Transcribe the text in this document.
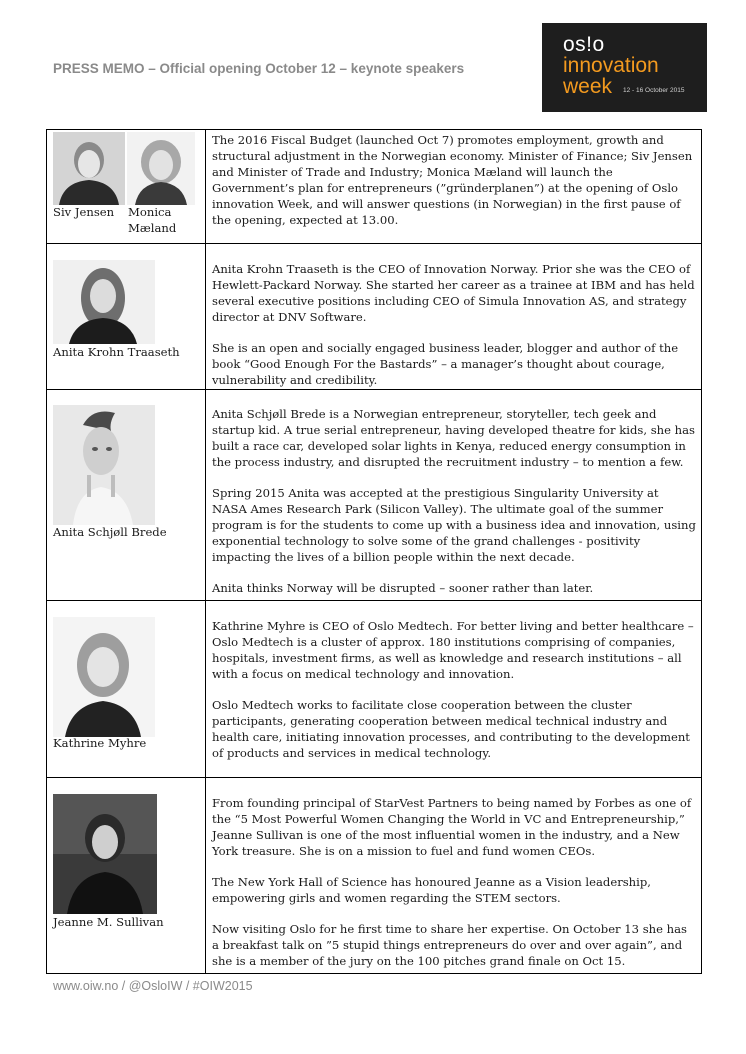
PRESS MEMO – Official opening October 12 – keynote speakers
os!o
innovation
week 12 - 16 October 2015
Siv Jensen Monica Mæland	The 2016 Fiscal Budget (launched Oct 7) promotes employment, growth and structural adjustment in the Norwegian economy. Minister of Finance; Siv Jensen and Minister of Trade and Industry; Monica Mæland will launch the Government’s plan for entrepreneurs (”gründerplanen”) at the opening of Oslo innovation Week, and will answer questions (in Norwegian) in the first pause of the opening, expected at 13.00.

Anita Krohn Traaseth	Anita Krohn Traaseth is the CEO of Innovation Norway. Prior she was the CEO of Hewlett-Packard Norway. She started her career as a trainee at IBM and has held several executive positions including CEO of Simula Innovation AS, and strategy director at DNV Software.

She is an open and socially engaged business leader, blogger and author of the book “Good Enough For the Bastards” – a manager’s thought about courage, vulnerability and credibility.

Anita Schjøll Brede	Anita Schjøll Brede is a Norwegian entrepreneur, storyteller, tech geek and startup kid. A true serial entrepreneur, having developed theatre for kids, she has built a race car, developed solar lights in Kenya, reduced energy consumption in the process industry, and disrupted the recruitment industry – to mention a few.

Spring 2015 Anita was accepted at the prestigious Singularity University at NASA Ames Research Park (Silicon Valley). The ultimate goal of the summer program is for the students to come up with a business idea and innovation, using exponential technology to solve some of the grand challenges - positivity impacting the lives of a billion people within the next decade.

Anita thinks Norway will be disrupted – sooner rather than later.

Kathrine Myhre	Kathrine Myhre is CEO of Oslo Medtech. For better living and better healthcare – Oslo Medtech is a cluster of approx. 180 institutions comprising of companies, hospitals, investment firms, as well as knowledge and research institutions – all with a focus on medical technology and innovation.

Oslo Medtech works to facilitate close cooperation between the cluster participants, generating cooperation between medical technical industry and health care, initiating innovation processes, and contributing to the development of products and services in medical technology.

Jeanne M. Sullivan	From founding principal of StarVest Partners to being named by Forbes as one of the “5 Most Powerful Women Changing the World in VC and Entrepreneurship,” Jeanne Sullivan is one of the most influential women in the industry, and a New York treasure. She is on a mission to fuel and fund women CEOs.

The New York Hall of Science has honoured Jeanne as a Vision leadership, empowering girls and women regarding the STEM sectors.

Now visiting Oslo for he first time to share her expertise. On October 13 she has a breakfast talk on ”5 stupid things entrepreneurs do over and over again”, and she is a member of the jury on the 100 pitches grand finale on Oct 15.

www.oiw.no / @OsloIW / #OIW2015
